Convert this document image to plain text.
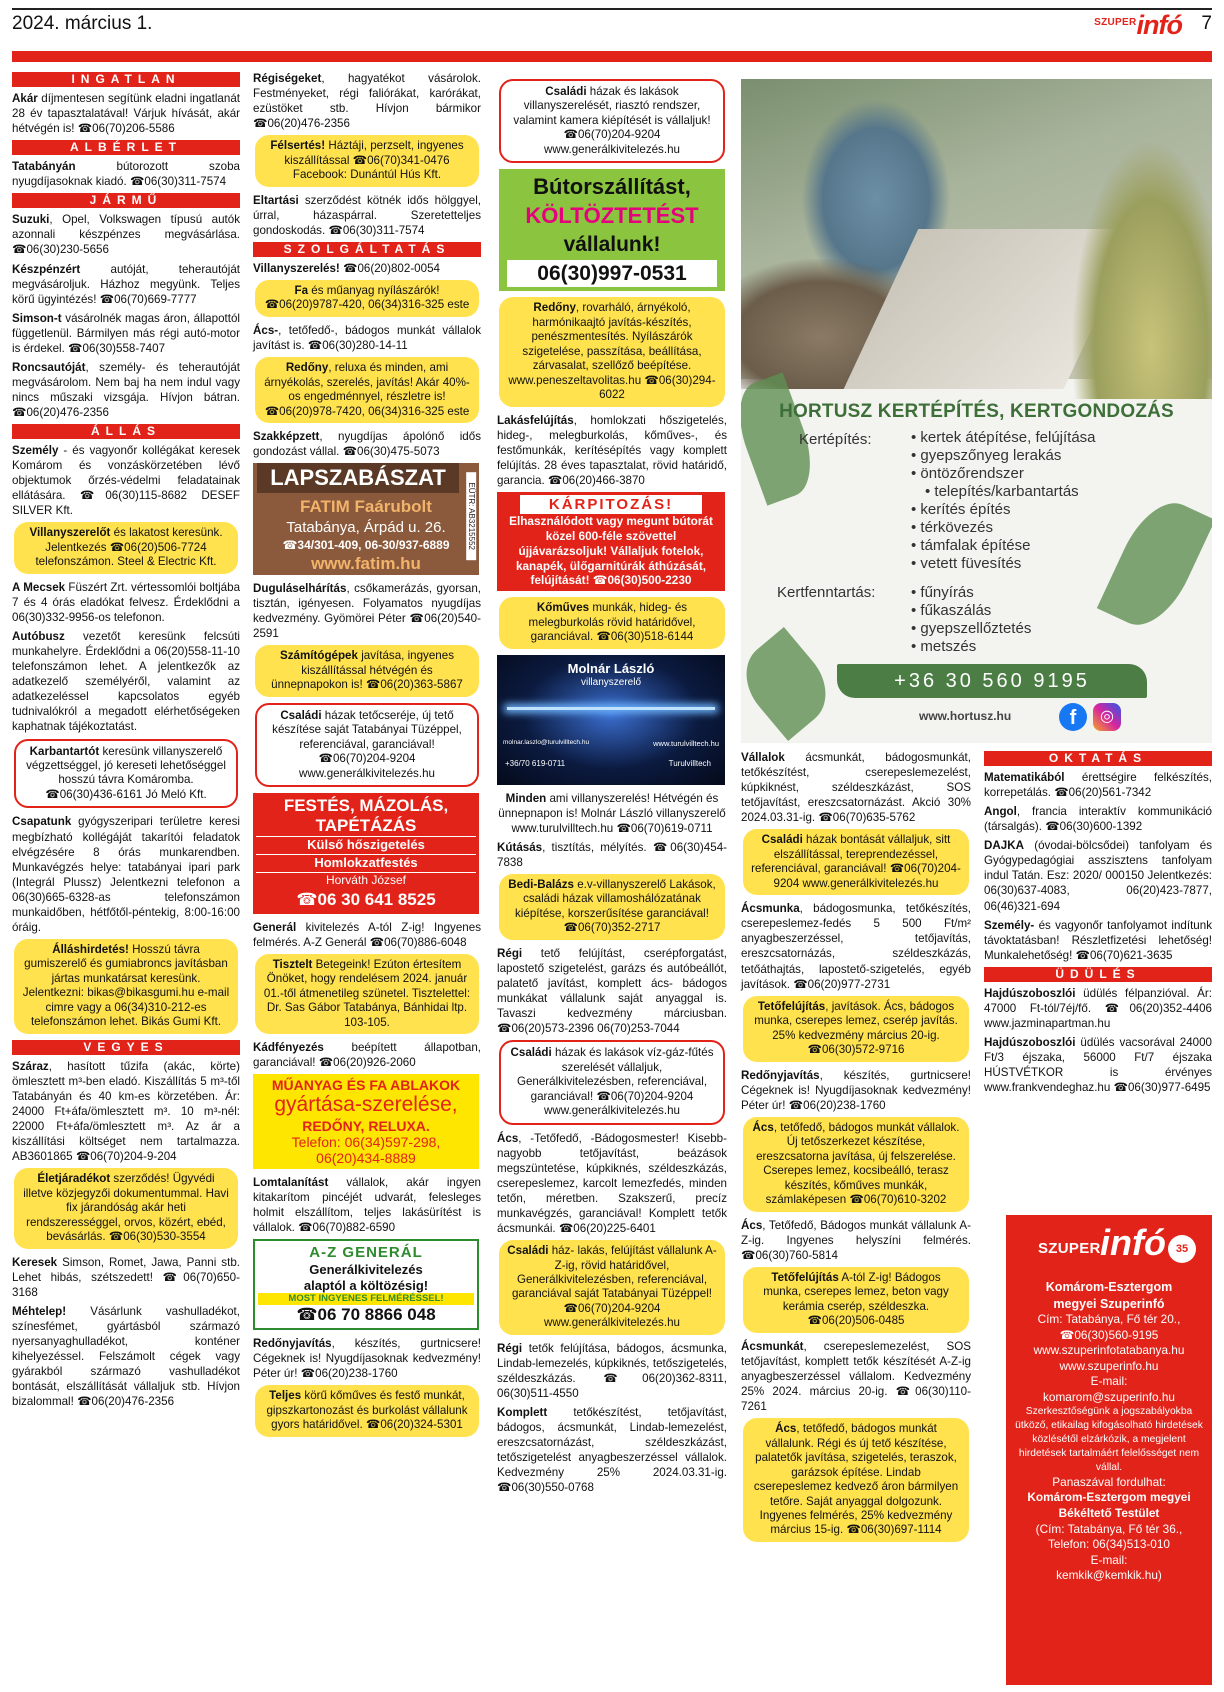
2024. március 1.	$^{SZUPER}$infó 7
INGATLAN
Akár díjmentesen segítünk eladni ingatlanát 28 év tapasztalatával! Várjuk hívását, akár hétvégén is! ☎06(70)206-5586
ALBÉRLET
Tatabányán bútorozott szoba nyugdíjasoknak kiadó. ☎06(30)311-7574
JÁRMŰ
Suzuki, Opel, Volkswagen típusú autók azonnali készpénzes megvásárlása. ☎06(30)230-5656
Készpénzért autóját, teherautóját megvásároljuk. Házhoz megyünk. Teljes körű ügyintézés! ☎06(70)669-7777
Simson-t vásárolnék magas áron, állapottól függetlenül. Bármilyen más régi autó-motor is érdekel. ☎06(30)558-7407
Roncsautóját, személy- és teherautóját megvásárolom. Nem baj ha nem indul vagy nincs műszaki vizsgája. Hívjon bátran. ☎06(20)476-2356
ÁLLÁS
Személy - és vagyonőr kollégákat keresek Komárom és vonzáskörzetében lévő objektumok őrzés-védelmi feladatainak ellátására. ☎06(30)115-8682 DESEF SILVER Kft.
Villanyszerelőt és lakatost keresünk. Jelentkezés ☎06(20)506-7724 telefonszámon. Steel & Electric Kft.
A Mecsek Füszért Zrt. vértessomlói boltjába 7 és 4 órás eladókat felvesz. Érdeklődni a 06(30)332-9956-os telefonon.
Autóbusz vezetőt keresünk felcsúti munkahelyre. Érdeklődni a 06(20)558-11-10 telefonszámon lehet. A jelentkezők az adatkezelő személyéről, valamint az adatkezeléssel kapcsolatos egyéb tudnivalókról a megadott elérhetőségeken kaphatnak tájékoztatást.
Karbantartót keresünk villanyszerelő végzettséggel, jó kereseti lehetőséggel hosszú távra Komáromba. ☎06(30)436-6161 Jó Meló Kft.
Csapatunk gyógyszeripari területre keresi megbízható kollégáját takarítói feladatok elvégzésére 8 órás munkarendben. Munkavégzés helye: tatabányai ipari park (Integrál Plussz) Jelentkezni telefonon a 06(30)665-6328-as telefonszámon munkaidőben, hétfőtől-péntekig, 8:00-16:00 óráig.
Álláshirdetés! Hosszú távra gumiszerelő és gumiabroncs javításban jártas munkatársat keresünk. Jelentkezni: bikas@bikasgumi.hu e-mail cimre vagy a 06(34)310-212-es telefonszámon lehet. Bikás Gumi Kft.
VEGYES
Száraz, hasított tűzifa (akác, körte) ömlesztett m³-ben eladó. Kiszállítás 5 m³-től Tatabányán és 40 km-es körzetében. Ár: 24000 Ft+áfa/ömlesztett m³. 10 m³-nél: 22000 Ft+áfa/ömlesztett m³. Az ár a kiszállítási költséget nem tartalmazza. AB3601865 ☎06(70)204-9-204
Életjáradékot szerződés! Ügyvédi illetve közjegyzői dokumentummal. Havi fix járandóság akár heti rendszerességgel, orvos, közért, ebéd, bevásárlás. ☎06(30)530-3554
Keresek Simson, Romet, Jawa, Panni stb. Lehet hibás, szétszedett! ☎06(70)650-3168
Méhtelep! Vásárlunk vashulladékot, színesfémet, gyártásból származó nyersanyaghulladékot, konténer kihelyezéssel. Felszámolt cégek vagy gyárakból származó vashulladékot bontását, elszállítását vállaljuk stb. Hívjon bizalommal! ☎06(20)476-2356
Régiségeket, hagyatékot vásárolok. Festményeket, régi faliórákat, karórákat, ezüstöket stb. Hívjon bármikor ☎06(20)476-2356
Félsertés! Háztáji, perzselt, ingyenes kiszállítással ☎06(70)341-0476 Facebook: Dunántúl Hús Kft.
Eltartási szerződést kötnék idős hölggyel, úrral, házaspárral. Szeretetteljes gondoskodás. ☎06(30)311-7574
SZOLGÁLTATÁS
Villanyszerelés! ☎06(20)802-0054
Fa és műanyag nyílászárók! ☎06(20)9787-420, 06(34)316-325 este
Ács-, tetőfedő-, bádogos munkát vállalok javítást is. ☎06(30)280-14-11
Redőny, reluxa és minden, ami árnyékolás, szerelés, javítás! Akár 40%-os engedménnyel, részletre is! ☎06(20)978-7420, 06(34)316-325 este
Szakképzett, nyugdíjas ápolónő idős gondozást vállal. ☎06(30)475-5073
LAPSZABÁSZAT
FATIM Faárubolt
Tatabánya, Árpád u. 26.
☎34/301-409, 06-30/937-6889
www.fatim.hu
EÜTR: AB3215552
Duguláselhárítás, csőkamerázás, gyorsan, tisztán, igényesen. Folyamatos nyugdíjas kedvezmény. Gyömörei Péter ☎06(20)540-2591
Számítógépek javítása, ingyenes kiszállítással hétvégén és ünnepnapokon is! ☎06(20)363-5867
Családi házak tetőcseréje, új tető készítése saját Tatabányai Tüzéppel, referenciával, garanciával! ☎06(70)204-9204 www.generálkivitelezés.hu
FESTÉS, MÁZOLÁS,
TAPÉTÁZÁS
Külső hőszigetelés
Homlokzatfestés
Horváth József
☎06 30 641 8525
Generál kivitelezés A-tól Z-ig! Ingyenes felmérés. A-Z Generál ☎06(70)886-6048
Tisztelt Betegeink! Ezúton értesítem Önöket, hogy rendelésem 2024. január 01.-től átmenetileg szünetel. Tisztelettel: Dr. Sas Gábor Tatabánya, Bánhidai ltp. 103-105.
Kádfényezés beépített állapotban, garanciával! ☎06(20)926-2060
MŰANYAG ÉS FA ABLAKOK
gyártása-szerelése,
REDŐNY, RELUXA.
Telefon: 06(34)597-298,
06(20)434-8889
Lomtalanítást vállalok, akár ingyen kitakarítom pincéjét udvarát, felesleges holmit elszállítom, teljes lakásürítést is vállalok. ☎06(70)882-6590
A-Z GENERÁL
Generálkivitelezés
alaptól a költözésig!
MOST INGYENES FELMÉRÉSSEL!
☎06 70 8866 048
Redőnyjavítás, készítés, gurtnicsere! Cégeknek is! Nyugdíjasoknak kedvezmény! Péter úr! ☎06(20)238-1760
Teljes körű kőműves és festő munkát, gipszkartonozást és burkolást vállalunk gyors határidővel. ☎06(20)324-5301
Családi házak és lakások villanyszerelését, riasztó rendszer, valamint kamera kiépítését is vállaljuk! ☎06(70)204-9204 www.generálkivitelezés.hu
Bútorszállítást,
KÖLTÖZTETÉST
vállalunk!
06(30)997-0531
Redőny, rovarháló, árnyékoló, harmónikaajtó javítás-készítés, penészmentesítés. Nyílászárók szigetelése, passzítása, beállítása, zárvasalat, szellőző beépítése. www.peneszeltavolitas.hu ☎06(30)294-6022
Lakásfelújítás, homlokzati hőszigetelés, hideg-, melegburkolás, kőműves-, és festőmunkák, kerítésépítés vagy komplett felújítás. 28 éves tapasztalat, rövid határidő, garancia. ☎06(20)466-3870
KÁRPITOZÁS!
Elhasználódott vagy megunt bútorát közel 600-féle szövettel újjávarázsoljuk! Vállaljuk fotelok, kanapék, ülőgarnitúrák áthúzását, felújítását! ☎06(30)500-2230
Kőműves munkák, hideg- és melegburkolás rövid határidővel, garanciával. ☎06(30)518-6144
Molnár László
villanyszerelő
molnar.laszlo@turulvilltech.hu	www.turulvilltech.hu
+36/70 619-0711	Turulvilltech
Minden ami villanyszerelés! Hétvégén és ünnepnapon is! Molnár László villanyszerelő www.turulvilltech.hu ☎06(70)619-0711
Kútásás, tisztítás, mélyítés. ☎06(30)454-7838
Bedi-Balázs e.v-villanyszerelő Lakások, családi házak villamoshálózatának kiépítése, korszerűsítése garanciával! ☎06(70)352-2717
Régi tető felújítást, cserépforgatást, lapostető szigetelést, garázs és autóbeállót, palatető javítást, komplett ács- bádogos munkákat vállalunk saját anyaggal is. Tavaszi kedvezmény márciusban. ☎06(20)573-2396 06(70)253-7044
Családi házak és lakások víz-gáz-fűtés szerelését vállaljuk, Generálkivitelezésben, referenciával, garanciával! ☎06(70)204-9204 www.generálkivitelezés.hu
Ács, -Tetőfedő, -Bádogosmester! Kisebb-nagyobb tetőjavítást, beázások megszüntetése, kúpkiknés, széldeszkázás, cserepeslemez, karcolt lemezfedés, minden tetőn, méretben. Szakszerű, precíz munkavégzés, garanciával! Komplett tetők ácsmunkái. ☎06(20)225-6401
Családi ház- lakás, felújítást vállalunk A-Z-ig, rövid határidővel, Generálkivitelezésben, referenciával, garanciával saját Tatabányai Tüzéppel! ☎06(70)204-9204 www.generálkivitelezés.hu
Régi tetők felújítása, bádogos, ácsmunka, Lindab-lemezelés, kúpkiknés, tetőszigetelés, széldeszkázás. ☎06(20)362-8311, 06(30)511-4550
Komplett tetőkészítést, tetőjavítást, bádogos, ácsmunkát, Lindab-lemezelést, ereszcsatornázást, széldeszkázást, tetőszigetelést anyagbeszerzéssel vállalok. Kedvezmény 25% 2024.03.31-ig. ☎06(30)550-0768
HORTUSZ KERTÉPÍTÉS, KERTGONDOZÁS
Kertépítés:	• kertek átépítése, felújítása
• gyepszőnyeg lerakás
• öntözőrendszer
• telepítés/karbantartás
• kerítés építés
• térkövezés
• támfalak építése
• vetett füvesítés
Kertfenntartás:	• fűnyírás
• fűkaszálás
• gyepszellőztetés
• metszés
+36 30 560 9195
www.hortusz.hu	f	◎
Vállalok ácsmunkát, bádogosmunkát, tetőkészítést, cserepeslemezelést, kúpkiknést, széldeszkázást, SOS tetőjavítást, ereszcsatornázást. Akció 30% 2024.03.31-ig. ☎06(70)635-5762
Családi házak bontását vállaljuk, sitt elszállítással, tereprendezéssel, referenciával, garanciával! ☎06(70)204-9204 www.generálkivitelezés.hu
Ácsmunka, bádogosmunka, tetőkészítés, cserepeslemez-fedés 5 500 Ft/m² anyagbeszerzéssel, tetőjavítás, ereszcsatornázás, széldeszkázás, tetőáthajtás, lapostető-szigetelés, egyéb javítások. ☎06(20)977-2731
Tetőfelújítás, javítások. Ács, bádogos munka, cserepes lemez, cserép javítás. 25% kedvezmény március 20-ig. ☎06(30)572-9716
Redőnyjavítás, készítés, gurtnicsere! Cégeknek is! Nyugdíjasoknak kedvezmény! Péter úr! ☎06(20)238-1760
Ács, tetőfedő, bádogos munkát vállalok. Új tetőszerkezet készítése, ereszcsatorna javítása, új felszerelése. Cserepes lemez, kocsibeálló, terasz készítés, kőműves munkák, számlaképesen ☎06(70)610-3202
Ács, Tetőfedő, Bádogos munkát vállalunk A-Z-ig. Ingyenes helyszíni felmérés. ☎06(30)760-5814
Tetőfelújítás A-tól Z-ig! Bádogos munka, cserepes lemez, beton vagy kerámia cserép, széldeszka. ☎06(20)506-0485
Ácsmunkát, cserepeslemezelést, SOS tetőjavítást, komplett tetők készítését A-Z-ig anyagbeszerzéssel vállalom. Kedvezmény 25% 2024. március 20-ig. ☎06(30)110-7261
Ács, tetőfedő, bádogos munkát vállalunk. Régi és új tető készítése, palatetők javítása, szigetelés, teraszok, garázsok építése. Lindab cserepeslemez kedvező áron bármilyen tetőre. Saját anyaggal dolgozunk. Ingyenes felmérés, 25% kedvezmény március 15-ig. ☎06(30)697-1114
OKTATÁS
Matematikából érettségire felkészítés, korrepetálás. ☎06(20)561-7342
Angol, francia interaktív kommunikáció (társalgás). ☎06(30)600-1392
DAJKA (óvodai-bölcsődei) tanfolyam és Gyógypedagógiai asszisztens tanfolyam indul Tatán. Esz: 2020/ 000150 Jelentkezés: 06(30)637-4083, 06(20)423-7877, 06(46)321-694
Személy- és vagyonőr tanfolyamot indítunk távoktatásban! Részletfizetési lehetőség! Munkalehetőség! ☎06(70)621-3635
ÜDÜLÉS
Hajdúszoboszlói üdülés félpanzióval. Ár: 47000 Ft-tól/7éj/fő. ☎06(20)352-4406 www.jazminapartman.hu
Hajdúszoboszlói üdülés vacsorával 24000 Ft/3 éjszaka, 56000 Ft/7 éjszaka HÚSTVÉTKOR is érvényes www.frankvendeghaz.hu ☎06(30)977-6495
SZUPER infó 35
Komárom-Esztergom
megyei Szuperinfó
Cím: Tatabánya, Fő tér 20.,
☎06(30)560-9195
www.szuperinfotatabanya.hu
www.szuperinfo.hu
E-mail:
komarom@szuperinfo.hu
Szerkesztőségünk a jogszabályokba ütköző, etikailag kifogásolható hirdetések közlésétől elzárkózik, a megjelent hirdetések tartalmáért felelősséget nem vállal.
Panaszával fordulhat:
Komárom-Esztergom megyei Békéltető Testület
(Cím: Tatabánya, Fő tér 36.,
Telefon: 06(34)513-010
E-mail:
kemkik@kemkik.hu)
